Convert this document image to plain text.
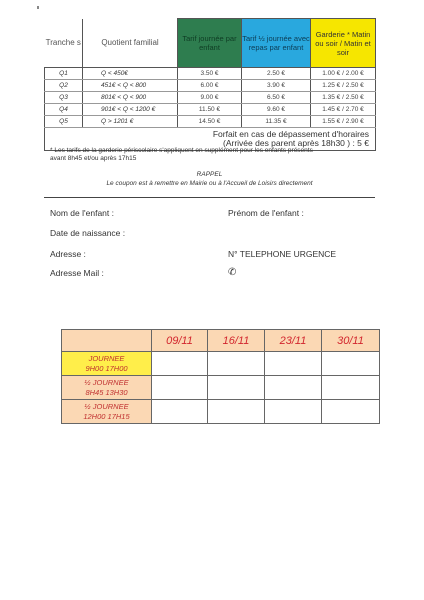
Tranche s	Quotient familial	Tarif journée par enfant	Tarif ½ journée avec repas par enfant	Garderie * Matin ou soir / Matin et soir
Q1	Q < 450€	3.50 €	2.50 €	1.00 € / 2.00 €
Q2	451€ < Q < 800	6.00 €	3.90 €	1.25 € / 2.50 €
Q3	801€ < Q < 900	9.00 €	6.50 €	1.35 € / 2.50 €
Q4	901€ < Q < 1200 €	11.50 €	9.60 €	1.45 € / 2.70 €
Q5	Q > 1201 €	14.50 €	11.35 €	1.55 € / 2.90 €

Forfait en cas de dépassement d'horaires
(Arrivée des parent après 18h30 ) : 5 €				
* Les tarifs de la garderie périscolaire s'appliquent en supplément pour les enfants présents
avant 8h45 et/ou après 17h15
RAPPEL
Le coupon est à remettre en Mairie ou à l'Accueil de Loisirs directement
Nom de l'enfant :	Prénom de l'enfant :
Date de naissance :
Adresse :	N° TELEPHONE URGENCE
Adresse Mail :	✆
	09/11	16/11	23/11	30/11

JOURNEE
9H00 17H00				

½ JOURNEE
8H45 13H30				

½ JOURNEE
12H00 17H15				
